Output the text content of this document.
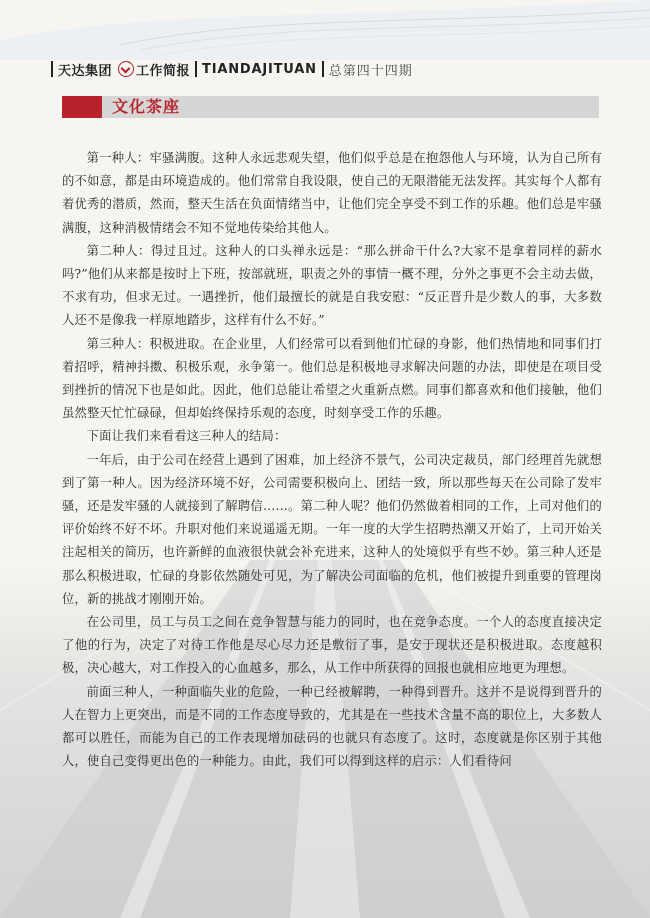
天达集团 工作简报 TIANDAJITUAN 总第四十四期
文化茶座

第一种人：牢骚满腹。这种人永远悲观失望，他们似乎总是在抱怨他人与环境，认为自己所有的不如意，都是由环境造成的。他们常常自我设限，使自己的无限潜能无法发挥。其实每个人都有着优秀的潜质，然而，整天生活在负面情绪当中，让他们完全享受不到工作的乐趣。他们总是牢骚满腹，这种消极情绪会不知不觉地传染给其他人。

第二种人：得过且过。这种人的口头禅永远是：“那么拼命干什么?大家不是拿着同样的薪水吗?”他们从来都是按时上下班，按部就班，职责之外的事情一概不理，分外之事更不会主动去做，不求有功，但求无过。一遇挫折，他们最擅长的就是自我安慰：“反正晋升是少数人的事，大多数人还不是像我一样原地踏步，这样有什么不好。”

第三种人：积极进取。在企业里，人们经常可以看到他们忙碌的身影，他们热情地和同事们打着招呼，精神抖擞、积极乐观，永争第一。他们总是积极地寻求解决问题的办法，即使是在项目受到挫折的情况下也是如此。因此，他们总能让希望之火重新点燃。同事们都喜欢和他们接触，他们虽然整天忙忙碌碌，但却始终保持乐观的态度，时刻享受工作的乐趣。

下面让我们来看看这三种人的结局：

一年后，由于公司在经营上遇到了困难，加上经济不景气，公司决定裁员，部门经理首先就想到了第一种人。因为经济环境不好，公司需要积极向上、团结一致，所以那些每天在公司除了发牢骚，还是发牢骚的人就接到了解聘信……。第二种人呢？他们仍然做着相同的工作，上司对他们的评价始终不好不坏。升职对他们来说遥遥无期。一年一度的大学生招聘热潮又开始了，上司开始关注起相关的简历，也许新鲜的血液很快就会补充进来，这种人的处境似乎有些不妙。第三种人还是那么积极进取，忙碌的身影依然随处可见，为了解决公司面临的危机，他们被提升到重要的管理岗位，新的挑战才刚刚开始。

在公司里，员工与员工之间在竞争智慧与能力的同时，也在竞争态度。一个人的态度直接决定了他的行为，决定了对待工作他是尽心尽力还是敷衍了事，是安于现状还是积极进取。态度越积极，决心越大，对工作投入的心血越多，那么，从工作中所获得的回报也就相应地更为理想。

前面三种人，一种面临失业的危险，一种已经被解聘，一种得到晋升。这并不是说得到晋升的人在智力上更突出，而是不同的工作态度导致的，尤其是在一些技术含量不高的职位上，大多数人都可以胜任，而能为自己的工作表现增加砝码的也就只有态度了。这时，态度就是你区别于其他人，使自己变得更出色的一种能力。由此，我们可以得到这样的启示：人们看待问
